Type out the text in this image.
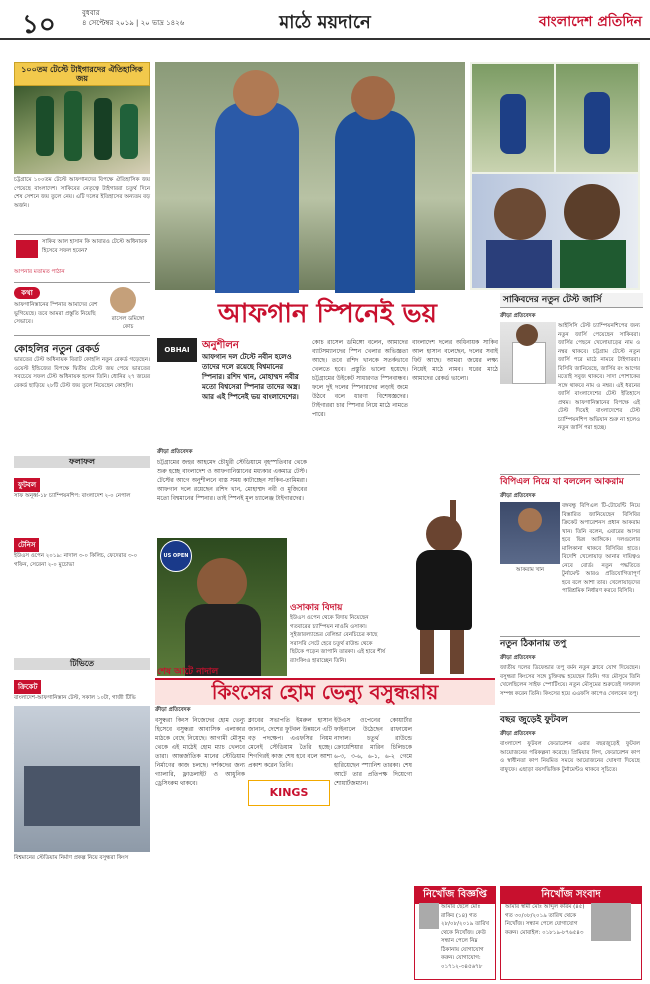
১০	বুধবার
৪ সেপ্টেম্বর ২০১৯ | ২০ ভাদ্র ১৪২৬	মাঠে ময়দানে	বাংলাদেশ প্রতিদিন
১০০তম টেস্টে টাইগারদের ঐতিহাসিক জয়
চট্টগ্রামে ১০০তম টেস্টে আফগানদের বিপক্ষে ঐতিহাসিক জয় পেয়েছে বাংলাদেশ। সাকিবের নেতৃত্বে টাইগাররা চতুর্থ দিনে শেষ সেশনে জয় তুলে নেয়। এটি দলের ইতিহাসের অন্যতম বড় অর্জন।
সাকিব আল হাসান কি আবারও টেস্টে অধিনায়ক হিসেবে সফল হবেন?
আপনার মতামত পাঠান
কথা
আফগানিস্তানের স্পিনার আমাদের বেশ ভুগিয়েছে। তবে আমরা প্রস্তুতি নিয়েছি সেভাবে।	রাসেল ডমিঙ্গো
কোচ
কোহলির নতুন রেকর্ড
ভারতের টেস্ট অধিনায়ক বিরাট কোহলি নতুন রেকর্ড গড়েছেন। ওয়েস্ট ইন্ডিজের বিপক্ষে দ্বিতীয় টেস্টে জয় পেয়ে ভারতের সবচেয়ে সফল টেস্ট অধিনায়ক হলেন তিনি। ধোনির ২৭ জয়ের রেকর্ড ছাড়িয়ে ২৮টি টেস্ট জয় তুলে নিয়েছেন কোহলি।
ফলাফল
ফুটবল
সাফ অনূর্ধ্ব-১৮ চ্যাম্পিয়নশিপ: বাংলাদেশ ২-০ নেপাল
টেনিস
ইউএস ওপেন ২০১৯: নাদাল ৩-০ কিলিচ, ফেদেরার ৩-০ গফিন, সেরেনা ২-০ মুচোভা
টিভিতে
ক্রিকেট
বাংলাদেশ-আফগানিস্তান টেস্ট, সকাল ১০টা, গাজী টিভি
আফগান স্পিনেই ভয়
OBHAI	অনুশীলন
আফগান দল টেস্টে নবীন হলেও তাদের দলে রয়েছে বিশ্বমানের স্পিনার। রশিদ খান, মোহাম্মদ নবীর মতো বিশ্বসেরা স্পিনার তাদের অস্ত্র। আর এই স্পিনেই ভয় বাংলাদেশের।
ক্রীড়া প্রতিবেদক
চট্টগ্রামের জহুর আহমেদ চৌধুরী স্টেডিয়ামে বৃহস্পতিবার থেকে শুরু হচ্ছে বাংলাদেশ ও আফগানিস্তানের মধ্যকার একমাত্র টেস্ট। টেস্টের আগে অনুশীলনে ব্যস্ত সময় কাটাচ্ছেন সাকিব-তামিমরা। আফগান দলে রয়েছেন রশিদ খান, মোহাম্মদ নবী ও মুজিবের মতো বিশ্বমানের স্পিনার। তাই স্পিনই মূল চ্যালেঞ্জ টাইগারদের।
কোচ রাসেল ডমিঙ্গো বলেন, আমাদের ব্যাটসম্যানদের স্পিন খেলার অভিজ্ঞতা আছে। তবে রশিদ খানকে সতর্কভাবে খেলতে হবে। প্রস্তুতি ভালো হয়েছে। চট্টগ্রামের উইকেট সাধারণত স্পিনবান্ধব। ফলে দুই দলের স্পিনারদের লড়াই জমে উঠবে বলে ধারণা বিশেষজ্ঞদের। টাইগাররা চার স্পিনার নিয়ে মাঠে নামতে পারে।
বাংলাদেশ দলের অধিনায়ক সাকিব আল হাসান বলেছেন, দলের সবাই ফিট আছে। আমরা জয়ের লক্ষ্য নিয়েই মাঠে নামব। ঘরের মাঠে আমাদের রেকর্ড ভালো।
US OPEN
ওসাকার বিদায়
ইউএস ওপেন থেকে বিদায় নিয়েছেন গতবারের চ্যাম্পিয়ন নাওমি ওসাকা। সুইজারল্যান্ডের বেলিন্ডা বেনচিচের কাছে সরাসরি সেটে হেরে চতুর্থ রাউন্ড থেকে ছিটকে পড়েন জাপানি তারকা। এই হারে শীর্ষ র‍্যাংকিংও হারাচ্ছেন তিনি।
শেষ আটে নাদাল
সাকিবদের নতুন টেস্ট জার্সি
ক্রীড়া প্রতিবেদক
আইসিসি টেস্ট চ্যাম্পিয়নশিপের জন্য নতুন জার্সি পেয়েছেন সাকিবরা। জার্সির পেছনে খেলোয়াড়ের নাম ও নম্বর থাকবে। চট্টগ্রাম টেস্টে নতুন জার্সি পরে মাঠে নামবে টাইগাররা। বিসিবি জানিয়েছে, জার্সির রং আগের মতোই সবুজ থাকবে। সাদা পোশাকের সঙ্গে থাকবে নাম ও নম্বর। এই ধরনের জার্সি বাংলাদেশের টেস্ট ইতিহাসে প্রথম। আফগানিস্তানের বিপক্ষে এই টেস্ট দিয়েই বাংলাদেশের টেস্ট চ্যাম্পিয়নশিপ অভিযান শুরু না হলেও নতুন জার্সি পরা হচ্ছে।
বিপিএল নিয়ে যা বললেন আকরাম
ক্রীড়া প্রতিবেদক
আকরাম খান
বঙ্গবন্ধু বিপিএল টি-টোয়েন্টি নিয়ে বিস্তারিত জানিয়েছেন বিসিবির ক্রিকেট অপারেশনস প্রধান আকরাম খান। তিনি বলেন, এবারের আসর হবে ভিন্ন আঙ্গিকে। দলগুলোর মালিকানা থাকবে বিসিবির হাতে। বিদেশি খেলোয়াড় আনার দায়িত্বও নেবে বোর্ড। নতুন পদ্ধতিতে টুর্নামেন্ট আরও প্রতিযোগিতাপূর্ণ হবে বলে আশা তার। খেলোয়াড়দের পারিশ্রমিক নির্ধারণ করবে বিসিবি।
নতুন ঠিকানায় তপু
ক্রীড়া প্রতিবেদক
জাতীয় দলের ডিফেন্ডার তপু বর্মন নতুন ক্লাবে যোগ দিয়েছেন। বসুন্ধরা কিংসের সঙ্গে চুক্তিবদ্ধ হয়েছেন তিনি। গত মৌসুমে তিনি খেলেছিলেন সাইফ স্পোর্টিংয়ে। নতুন মৌসুমের শুরুতেই দলবদল সম্পন্ন করেন তিনি। কিংসের হয়ে এএফসি কাপেও খেলবেন তপু।
বছর জুড়েই ফুটবল
ক্রীড়া প্রতিবেদক
বাংলাদেশ ফুটবল ফেডারেশন এবার বছরজুড়েই ফুটবল আয়োজনের পরিকল্পনা করেছে। প্রিমিয়ার লিগ, ফেডারেশন কাপ ও স্বাধীনতা কাপ নিয়মিত সময়ে আয়োজনের ঘোষণা দিয়েছে বাফুফে। এছাড়া বয়সভিত্তিক টুর্নামেন্টও থাকবে সূচিতে।
কিংসের হোম ভেন্যু বসুন্ধরায়
বিশ্বমানের স্টেডিয়াম নির্মাণ প্রকল্প নিয়ে বসুন্ধরা কিংস
ক্রীড়া প্রতিবেদক
বসুন্ধরা কিংস নিজেদের হোম ভেন্যু হিসেবে বসুন্ধরা আবাসিক এলাকার মাঠকে বেছে নিয়েছে। আগামী মৌসুম থেকে এই মাঠেই হোম ম্যাচ খেলবে তারা। আন্তর্জাতিক মানের স্টেডিয়াম নির্মাণের কাজ চলছে। দর্শকদের জন্য গ্যালারি, ফ্লাডলাইট ও আধুনিক ড্রেসিংরুম থাকবে।
KINGS
ক্লাবের সভাপতি ইমরুল হাসান জানান, দেশের ফুটবল উন্নয়নে এটি বড় পদক্ষেপ। এএফসির নিয়ম মেনেই স্টেডিয়াম তৈরি হচ্ছে। শিগগিরই কাজ শেষ হবে বলে আশা প্রকাশ করেন তিনি।
ইউএস ওপেনের কোয়ার্টার ফাইনালে উঠেছেন রাফায়েল নাদাল। চতুর্থ রাউন্ডে ক্রোয়েশিয়ার মারিন চিলিচকে ৬-৩, ৩-৬, ৬-১, ৬-২ গেমে হারিয়েছেন স্প্যানিশ তারকা। শেষ আটে তার প্রতিপক্ষ দিয়েগো শোয়ার্টজম্যান।
নিখোঁজ বিজ্ঞপ্তি
আমার ছেলে মোঃ রাকিব (১৪) গত ২৮/০৮/২০১৯ তারিখ থেকে নিখোঁজ। কেউ সন্ধান পেলে নিম্ন ঠিকানায় যোগাযোগ করুন। যোগাযোগ: ০১৭১২-৩৪৫৬৭৮
নিখোঁজ সংবাদ
আমার স্বামী মোঃ আব্দুল করিম (৪৫) গত ৩০/০৮/২০১৯ তারিখ থেকে নিখোঁজ। সন্ধান পেলে যোগাযোগ করুন। মোবাইল: ০১৮১৯-৮৭৬৫৪৩
